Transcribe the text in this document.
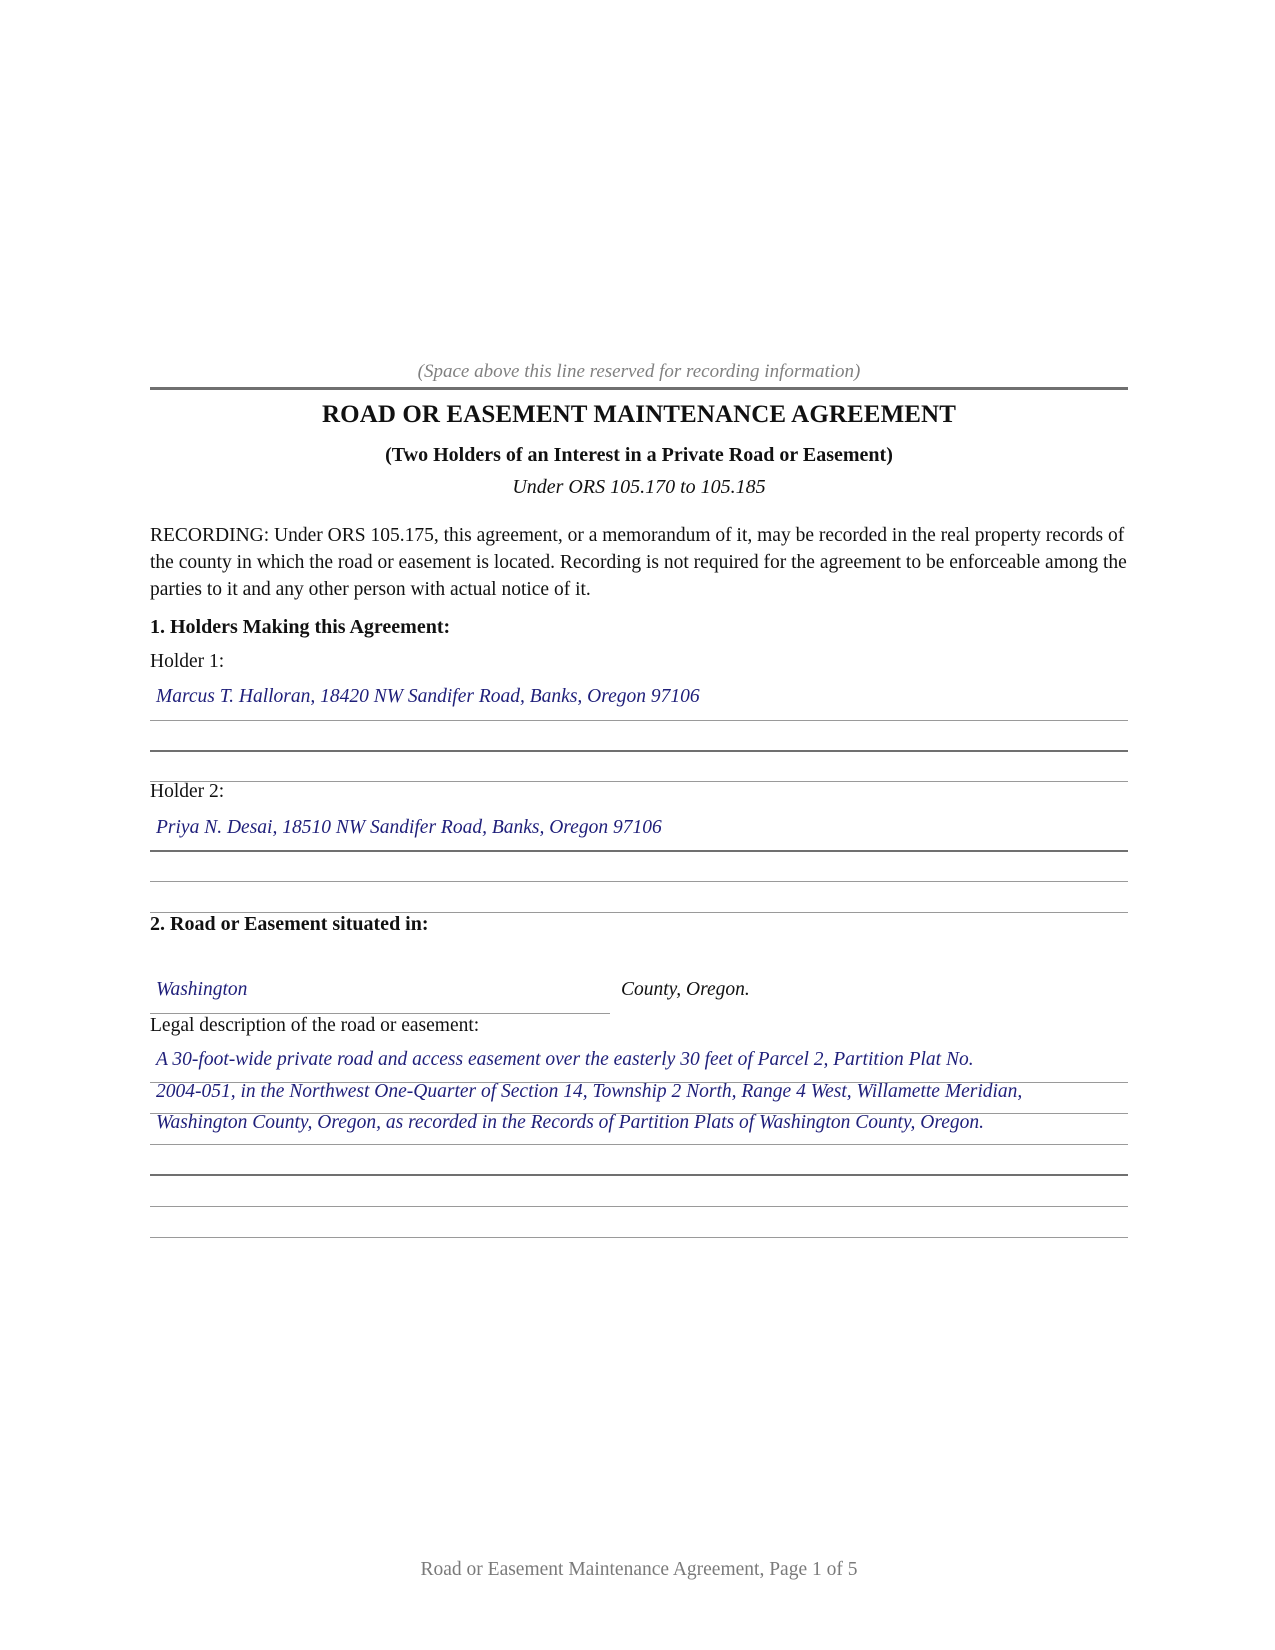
(Space above this line reserved for recording information)
ROAD OR EASEMENT MAINTENANCE AGREEMENT
(Two Holders of an Interest in a Private Road or Easement)
Under ORS 105.170 to 105.185
RECORDING: Under ORS 105.175, this agreement, or a memorandum of it, may be recorded in the real property records of the county in which the road or easement is located. Recording is not required for the agreement to be enforceable among the parties to it and any other person with actual notice of it.
1. Holders Making this Agreement:
Holder 1:
Marcus T. Halloran, 18420 NW Sandifer Road, Banks, Oregon 97106
Holder 2:
Priya N. Desai, 18510 NW Sandifer Road, Banks, Oregon 97106
2. Road or Easement situated in:
Washington	County, Oregon.
Legal description of the road or easement:
A 30-foot-wide private road and access easement over the easterly 30 feet of Parcel 2, Partition Plat No.
2004-051, in the Northwest One-Quarter of Section 14, Township 2 North, Range 4 West, Willamette Meridian,
Washington County, Oregon, as recorded in the Records of Partition Plats of Washington County, Oregon.
Road or Easement Maintenance Agreement, Page 1 of 5
